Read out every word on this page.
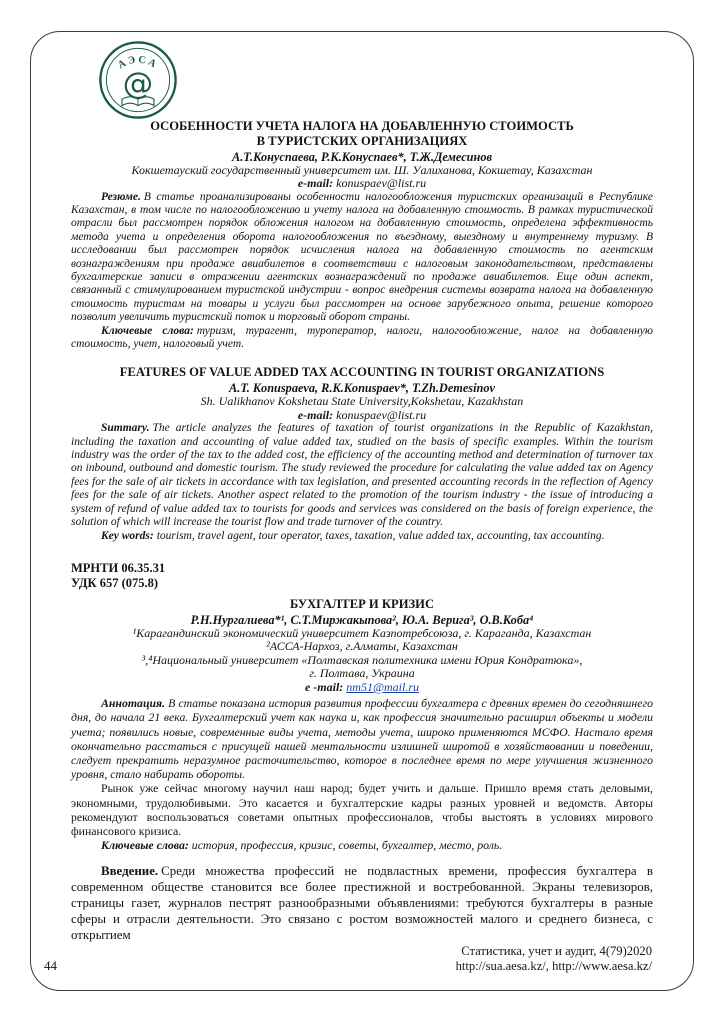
АЭСА
@
ОСОБЕННОСТИ УЧЕТА НАЛОГА НА ДОБАВЛЕННУЮ СТОИМОСТЬ
В ТУРИСТСКИХ ОРГАНИЗАЦИЯХ
А.Т.Конуспаева, Р.К.Конуспаев*, Т.Ж.Демесинов
Кокшетауский государственный университет им. Ш. Уалиханова, Кокшетау, Казахстан
e-mail: konuspaev@list.ru

Резюме. В статье проанализированы особенности налогообложения туристских организаций в Республике Казахстан, в том числе по налогообложению и учету налога на добавленную стоимость. В рамках туристической отрасли был рассмотрен порядок обложения налогом на добавленную стоимость, определена эффективность метода учета и определения оборота налогообложения по въездному, выездному и внутреннему туризму. В исследовании был рассмотрен порядок исчисления налога на добавленную стоимость по агентским вознаграждениям при продаже авиабилетов в соответствии с налоговым законодательством, представлены бухгалтерские записи в отражении агентских вознаграждений по продаже авиабилетов. Еще один аспект, связанный с стимулированием туристской индустрии - вопрос внедрения системы возврата налога на добавленную стоимость туристам на товары и услуги был рассмотрен на основе зарубежного опыта, решение которого позволит увеличить туристский поток и торговый оборот страны.

Ключевые слова: туризм, турагент, туроператор, налоги, налогообложение, налог на добавленную стоимость, учет, налоговый учет.

FEATURES OF VALUE ADDED TAX ACCOUNTING IN TOURIST ORGANIZATIONS
A.T. Konuspaeva, R.K.Konuspaev*, T.Zh.Demesinov
Sh. Ualikhanov Kokshetau State University,Kokshetau, Kazakhstan
e-mail: konuspaev@list.ru

Summary. The article analyzes the features of taxation of tourist organizations in the Republic of Kazakhstan, including the taxation and accounting of value added tax, studied on the basis of specific examples. Within the tourism industry was the order of the tax to the added cost, the efficiency of the accounting method and determination of turnover tax on inbound, outbound and domestic tourism. The study reviewed the procedure for calculating the value added tax on Agency fees for the sale of air tickets in accordance with tax legislation, and presented accounting records in the reflection of Agency fees for the sale of air tickets. Another aspect related to the promotion of the tourism industry - the issue of introducing a system of refund of value added tax to tourists for goods and services was considered on the basis of foreign experience, the solution of which will increase the tourist flow and trade turnover of the country.

Key words: tourism, travel agent, tour operator, taxes, taxation, value added tax, accounting, tax accounting.

МРНТИ 06.35.31
УДК 657 (075.8)
БУХГАЛТЕР И КРИЗИС
Р.Н.Нургалиева*¹, С.Т.Миржакыпова², Ю.А. Верига³, О.В.Коба⁴
¹Карагандинский экономический университет Казпотребсоюза, г. Караганда, Казахстан
²АССА-Нархоз, г.Алматы, Казахстан
³,⁴Национальный университет «Полтавская политехника имени Юрия Кондратюка»,
г. Полтава, Украина
e -mail: nm51@mail.ru

Аннотация. В статье показана история развития профессии бухгалтера с древних времен до сегодняшнего дня, до начала 21 века. Бухгалтерский учет как наука и, как профессия значительно расширил объекты и модели учета; появились новые, современные виды учета, методы учета, широко применяются МСФО. Настало время окончательно расстаться с присущей нашей ментальности излишней широтой в хозяйствовании и поведении, следует прекратить неразумное расточительство, которое в последнее время по мере улучшения жизненного уровня, стало набирать обороты.

Рынок уже сейчас многому научил наш народ; будет учить и дальше. Пришло время стать деловыми, экономными, трудолюбивыми. Это касается и бухгалтерские кадры разных уровней и ведомств. Авторы рекомендуют воспользоваться советами опытных профессионалов, чтобы выстоять в условиях мирового финансового кризиса.

Ключевые слова: история, профессия, кризис, советы, бухгалтер, место, роль.

Введение. Среди множества профессий не подвластных времени, профессия бухгалтера в современном обществе становится все более престижной и востребованной. Экраны телевизоров, страницы газет, журналов пестрят разнообразными объявлениями: требуются бухгалтеры в разные сферы и отрасли деятельности. Это связано с ростом возможностей малого и среднего бизнеса, с открытием

44
Статистика, учет и аудит, 4(79)2020
http://sua.aesa.kz/, http://www.aesa.kz/
